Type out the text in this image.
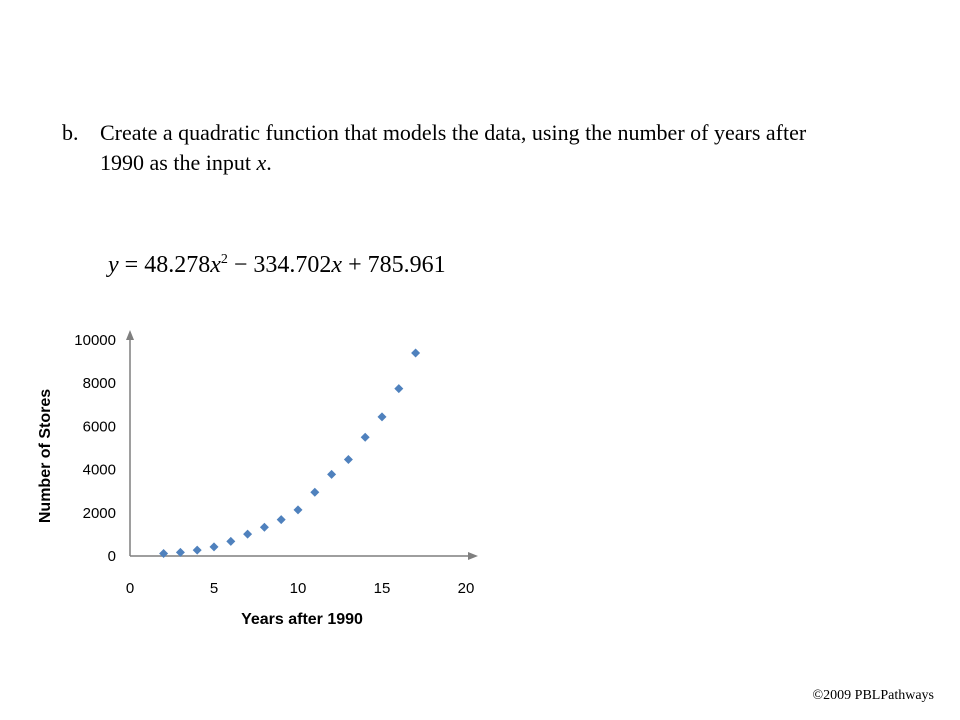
b. Create a quadratic function that models the data, using the number of years after 1990 as the input x.
$y = 48.278x^2 - 334.702x + 785.961$
0	5	10	15	20
0
2000
4000
6000
8000
10000
Years after 1990
Number of Stores
©2009 PBLPathways
